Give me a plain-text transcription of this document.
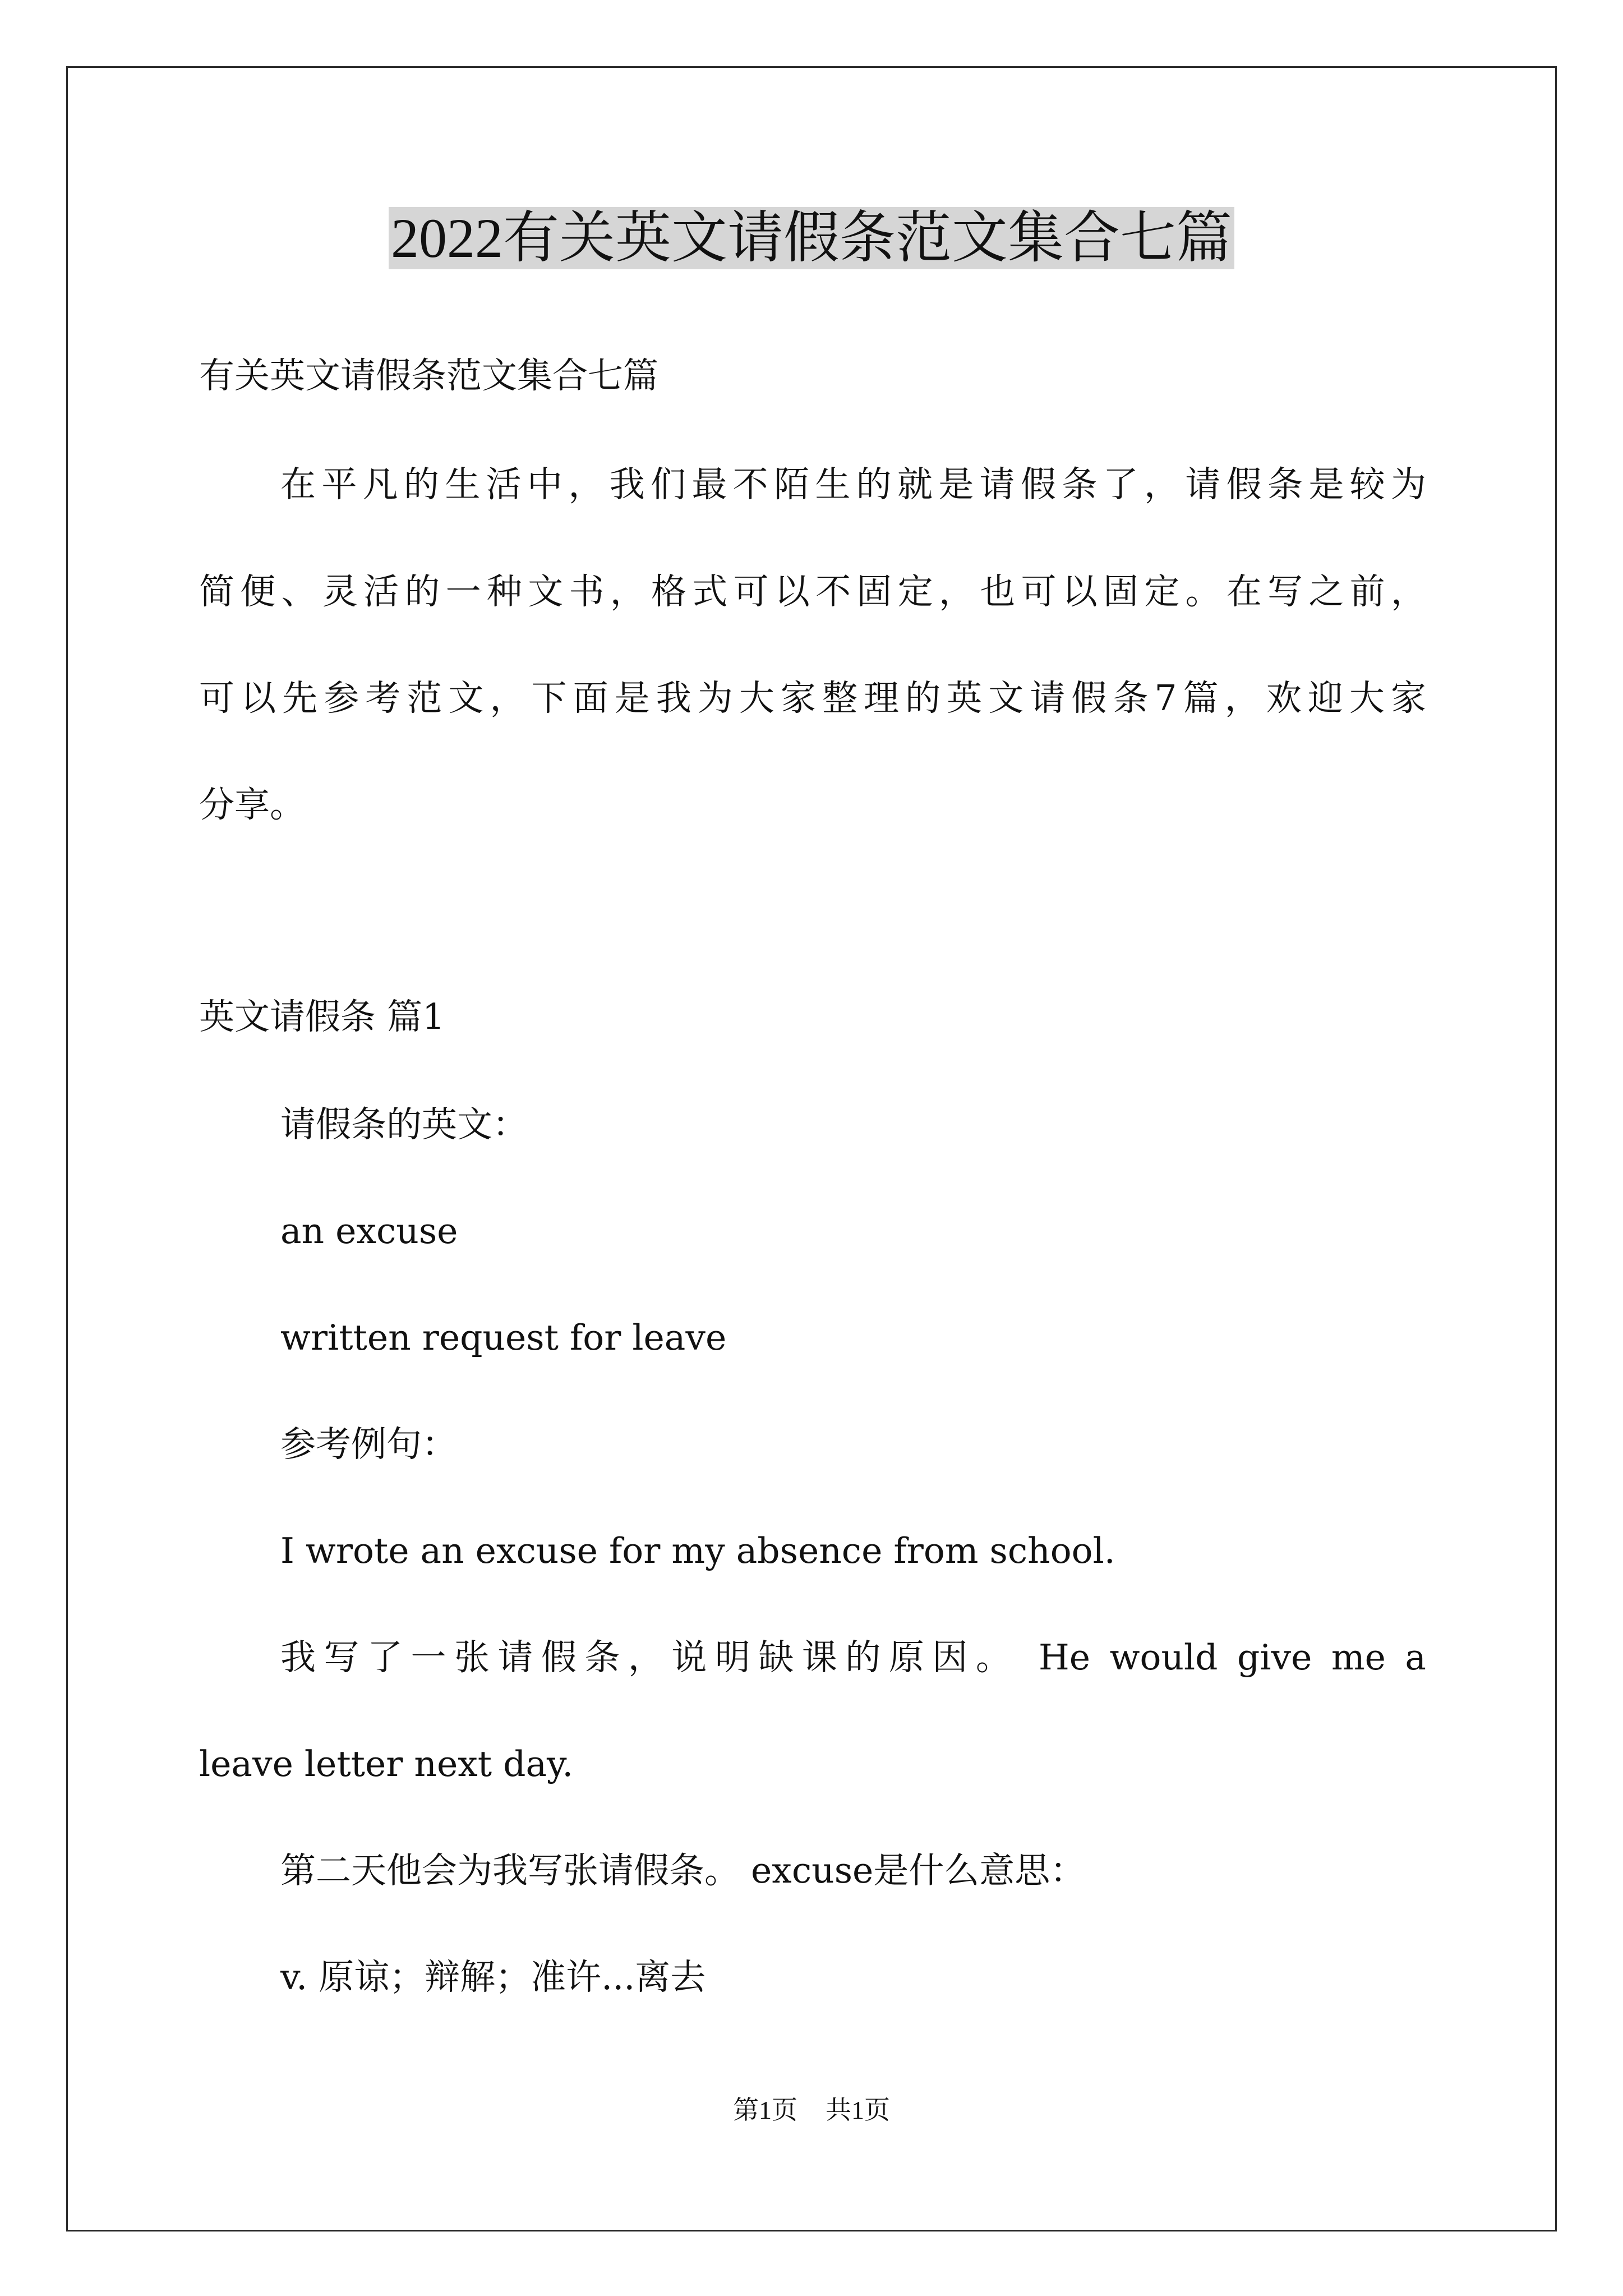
2022有关英文请假条范文集合七篇

有关英文请假条范文集合七篇

在平凡的生活中，我们最不陌生的就是请假条了，请假条是较为

简便、灵活的一种文书，格式可以不固定，也可以固定。在写之前，

可以先参考范文，下面是我为大家整理的英文请假条7篇，欢迎大家

分享。

英文请假条 篇1

请假条的英文：

an excuse

written request for leave

参考例句：

I wrote an excuse for my absence from school.

我写了一张请假条，说明缺课的原因。 He would give me a

leave letter next day.

第二天他会为我写张请假条。 excuse是什么意思：

v. 原谅；辩解；准许...离去

第1页 共1页
